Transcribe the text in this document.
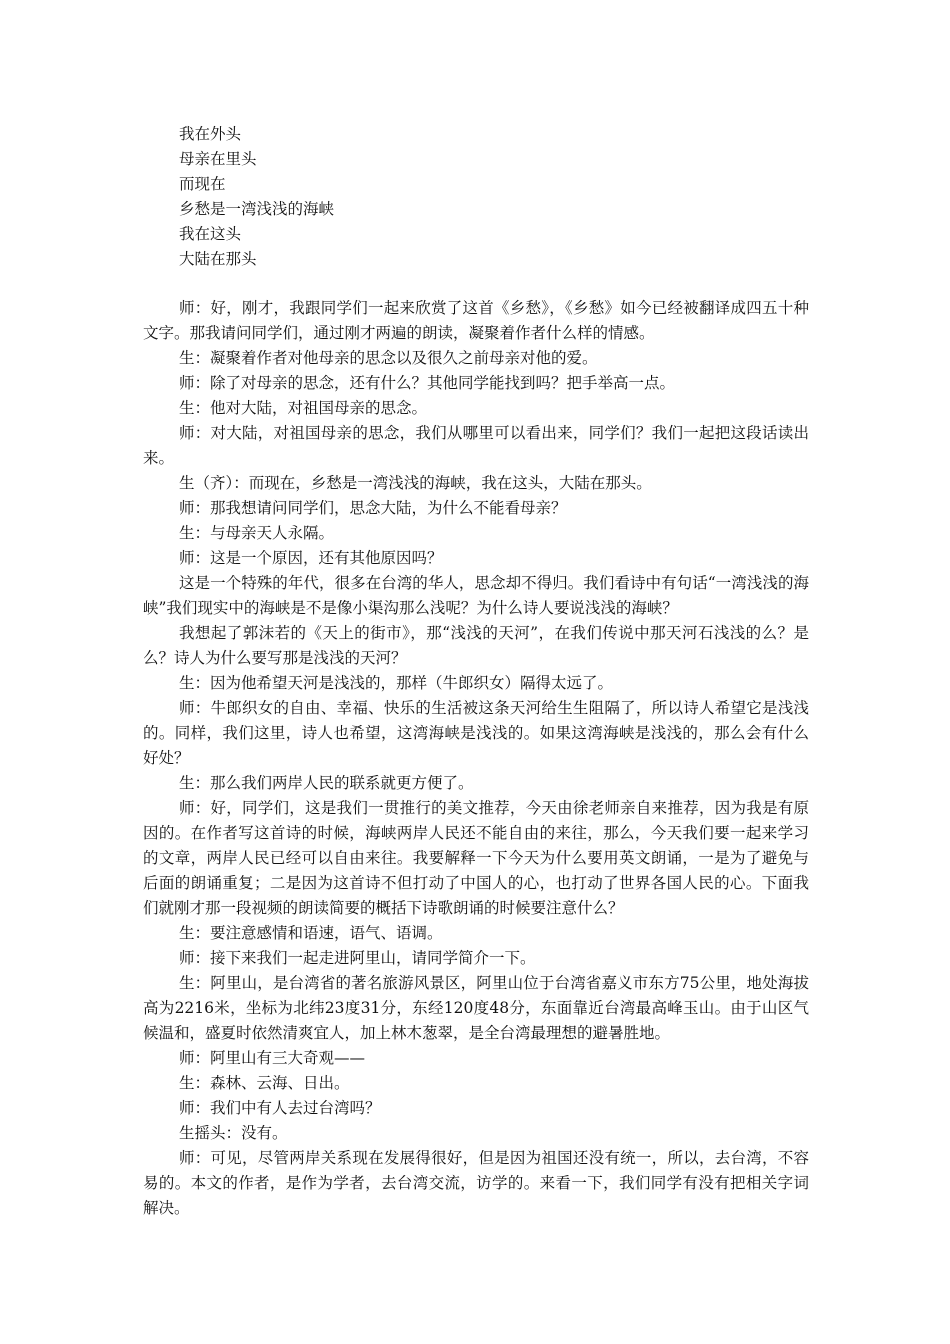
我在外头
母亲在里头
而现在
乡愁是一湾浅浅的海峡
我在这头
大陆在那头

师：好，刚才，我跟同学们一起来欣赏了这首《乡愁》，《乡愁》如今已经被翻译成四五十种文字。那我请问同学们，通过刚才两遍的朗读，凝聚着作者什么样的情感。

生：凝聚着作者对他母亲的思念以及很久之前母亲对他的爱。

师：除了对母亲的思念，还有什么？其他同学能找到吗？把手举高一点。

生：他对大陆，对祖国母亲的思念。

师：对大陆，对祖国母亲的思念，我们从哪里可以看出来，同学们？我们一起把这段话读出来。

生（齐）：而现在，乡愁是一湾浅浅的海峡，我在这头，大陆在那头。

师：那我想请问同学们，思念大陆，为什么不能看母亲？

生：与母亲天人永隔。

师：这是一个原因，还有其他原因吗？

这是一个特殊的年代，很多在台湾的华人，思念却不得归。我们看诗中有句话“一湾浅浅的海峡”我们现实中的海峡是不是像小渠沟那么浅呢？为什么诗人要说浅浅的海峡？

我想起了郭沫若的《天上的街市》，那“浅浅的天河”，在我们传说中那天河石浅浅的么？是么？诗人为什么要写那是浅浅的天河？

生：因为他希望天河是浅浅的，那样（牛郎织女）隔得太远了。

师：牛郎织女的自由、幸福、快乐的生活被这条天河给生生阻隔了，所以诗人希望它是浅浅的。同样，我们这里，诗人也希望，这湾海峡是浅浅的。如果这湾海峡是浅浅的，那么会有什么好处？

生：那么我们两岸人民的联系就更方便了。

师：好，同学们，这是我们一贯推行的美文推荐，今天由徐老师亲自来推荐，因为我是有原因的。在作者写这首诗的时候，海峡两岸人民还不能自由的来往，那么，今天我们要一起来学习的文章，两岸人民已经可以自由来往。我要解释一下今天为什么要用英文朗诵，一是为了避免与后面的朗诵重复；二是因为这首诗不但打动了中国人的心，也打动了世界各国人民的心。下面我们就刚才那一段视频的朗读简要的概括下诗歌朗诵的时候要注意什么？

生：要注意感情和语速，语气、语调。

师：接下来我们一起走进阿里山，请同学简介一下。

生：阿里山，是台湾省的著名旅游风景区，阿里山位于台湾省嘉义市东方75公里，地处海拔高为2216米，坐标为北纬23度31分，东经120度48分，东面靠近台湾最高峰玉山。由于山区气候温和，盛夏时依然清爽宜人，加上林木葱翠，是全台湾最理想的避暑胜地。

师：阿里山有三大奇观——

生：森林、云海、日出。

师：我们中有人去过台湾吗？

生摇头：没有。

师：可见，尽管两岸关系现在发展得很好，但是因为祖国还没有统一，所以，去台湾，不容易的。本文的作者，是作为学者，去台湾交流，访学的。来看一下，我们同学有没有把相关字词解决。
